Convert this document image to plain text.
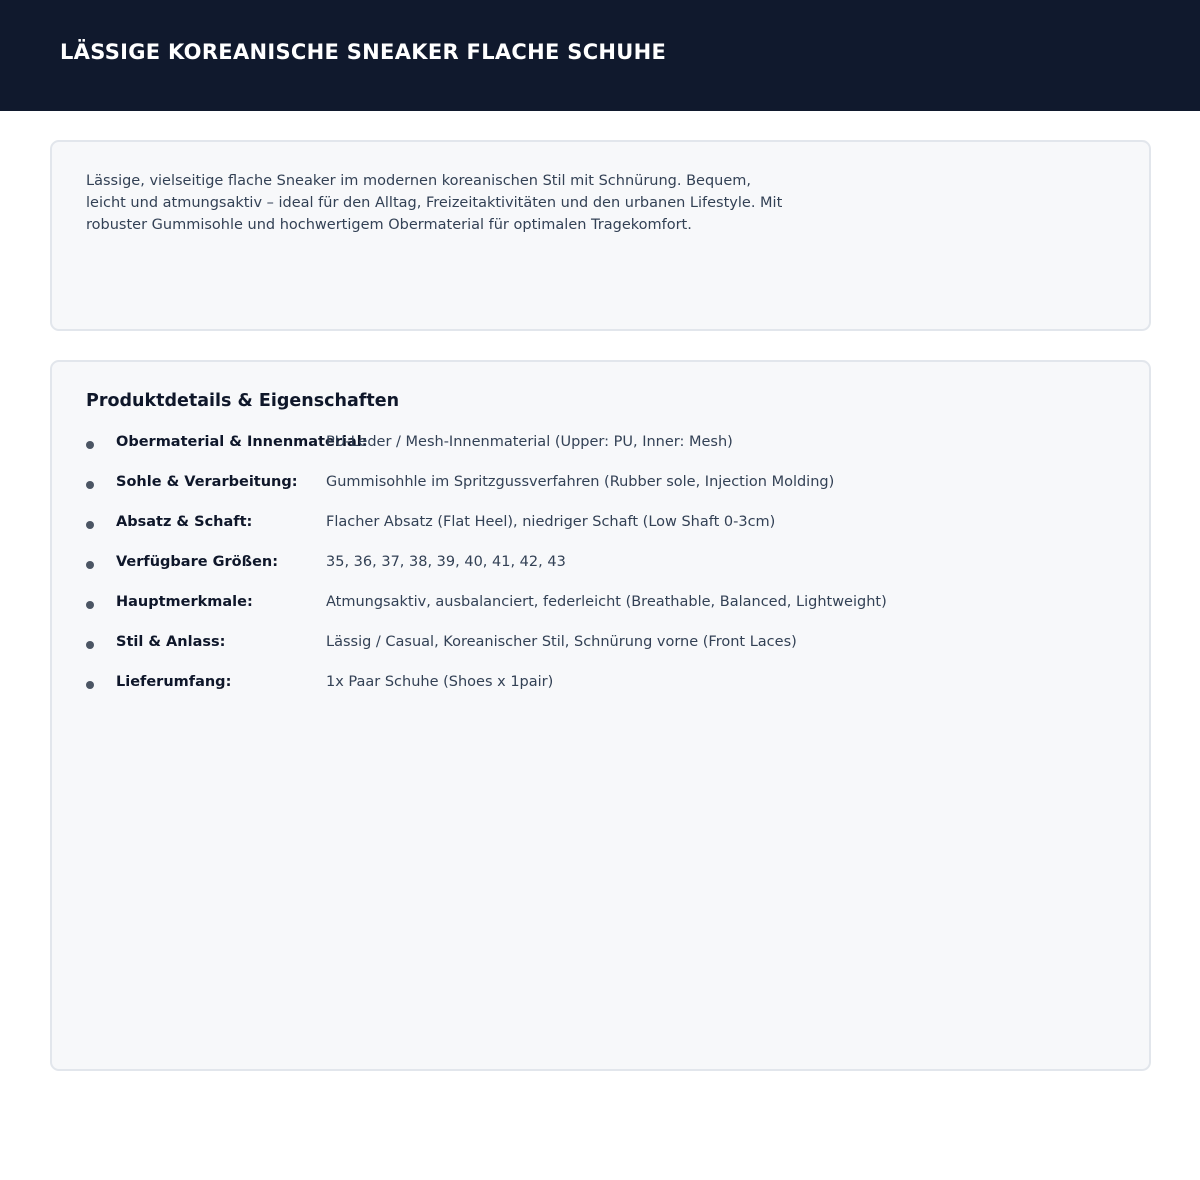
LÄSSIGE KOREANISCHE SNEAKER FLACHE SCHUHE

Lässige, vielseitige flache Sneaker im modernen koreanischen Stil mit Schnürung. Bequem, leicht und atmungsaktiv – ideal für den Alltag, Freizeitaktivitäten und den urbanen Lifestyle. Mit robuster Gummisohle und hochwertigem Obermaterial für optimalen Tragekomfort.

Produktdetails & Eigenschaften
Obermaterial & Innenmaterial:
PU-Leder / Mesh-Innenmaterial (Upper: PU, Inner: Mesh)
Sohle & Verarbeitung: Gummisohhle im Spritzgussverfahren (Rubber sole, Injection Molding)
Absatz & Schaft:	Flacher Absatz (Flat Heel), niedriger Schaft (Low Shaft 0-3cm)
Verfügbare Größen:	35, 36, 37, 38, 39, 40, 41, 42, 43
Hauptmerkmale:	Atmungsaktiv, ausbalanciert, federleicht (Breathable, Balanced, Lightweight)
Stil & Anlass:	Lässig / Casual, Koreanischer Stil, Schnürung vorne (Front Laces)
Lieferumfang:	1x Paar Schuhe (Shoes x 1pair)
